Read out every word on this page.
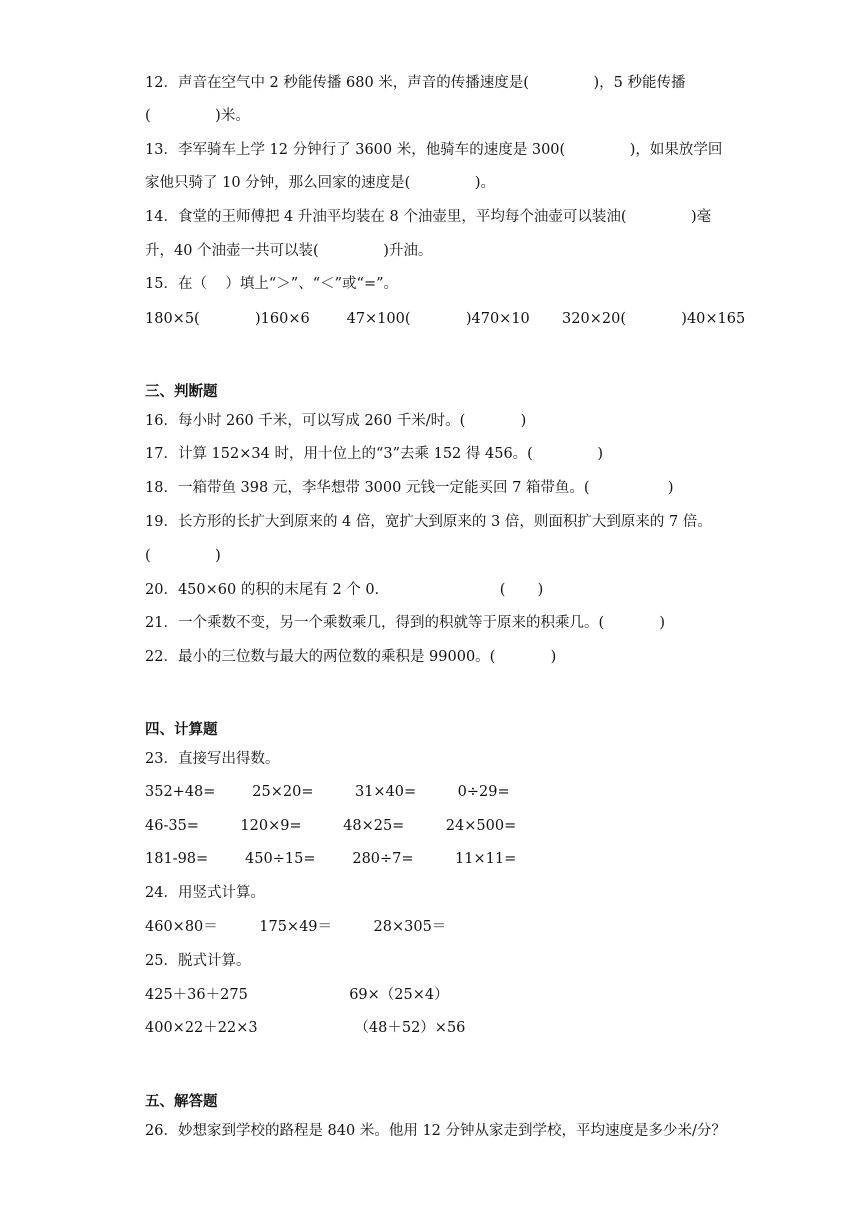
12．声音在空气中 2 秒能传播 680 米，声音的传播速度是(              )，5 秒能传播
(              )米。
13．李军骑车上学 12 分钟行了 3600 米，他骑车的速度是 300(              )，如果放学回
家他只骑了 10 分钟，那么回家的速度是(              )。
14．食堂的王师傅把 4 升油平均装在 8 个油壶里，平均每个油壶可以装油(              )毫
升，40 个油壶一共可以装(              )升油。
15．在（    ）填上“＞”、“＜”或“=”。
180×5(            )160×6        47×100(            )470×10       320×20(            )40×165
三、判断题
16．每小时 260 千米，可以写成 260 千米/时。(            )
17．计算 152×34 时，用十位上的“3”去乘 152 得 456。(              )
18．一箱带鱼 398 元，李华想带 3000 元钱一定能买回 7 箱带鱼。(                 )
19．长方形的长扩大到原来的 4 倍，宽扩大到原来的 3 倍，则面积扩大到原来的 7 倍。
(              )
20．450×60 的积的末尾有 2 个 0．                        (       )
21．一个乘数不变，另一个乘数乘几，得到的积就等于原来的积乘几。(            )
22．最小的三位数与最大的两位数的乘积是 99000。(            )
四、计算题
23．直接写出得数。
352+48=        25×20=         31×40=         0÷29=
46-35=         120×9=         48×25=         24×500=
181-98=        450÷15=        280÷7=         11×11=
24．用竖式计算。
460×80＝         175×49＝         28×305＝
25．脱式计算。
425＋36＋275                      69×（25×4）
400×22＋22×3                     （48＋52）×56
五、解答题
26．妙想家到学校的路程是 840 米。他用 12 分钟从家走到学校，平均速度是多少米/分？
